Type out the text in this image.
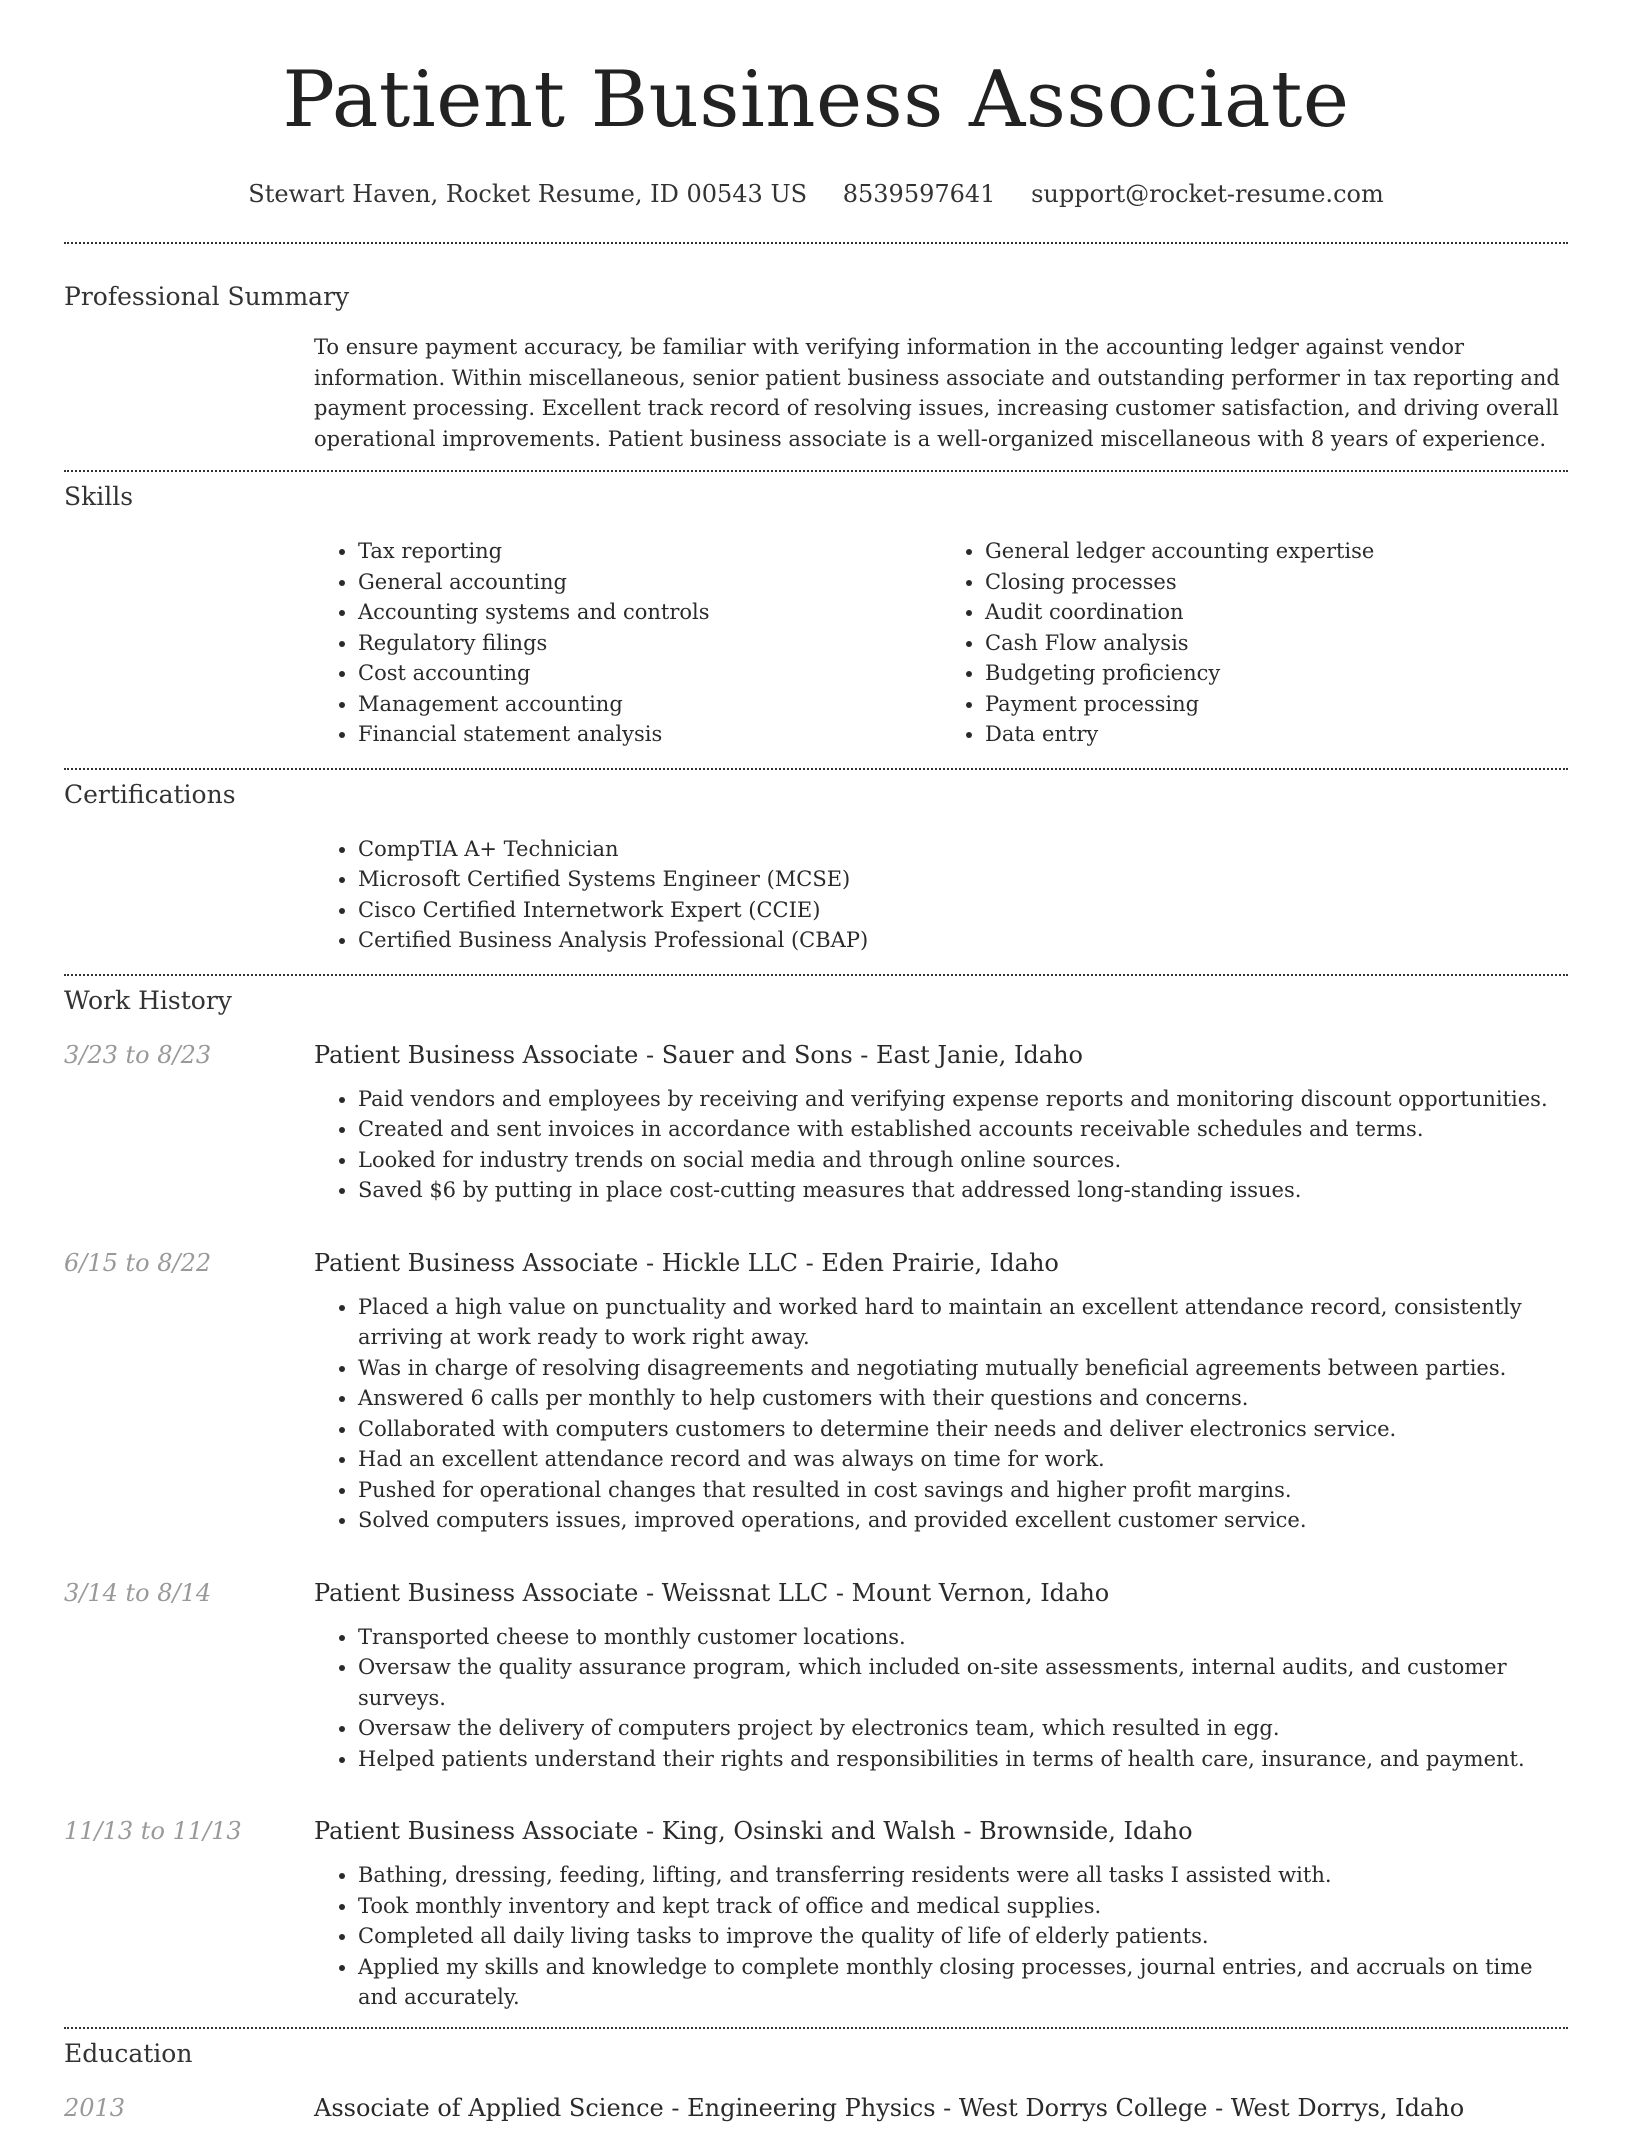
Patient Business Associate
Stewart Haven, Rocket Resume, ID 00543 US 8539597641 support@rocket-resume.com
Professional Summary
To ensure payment accuracy, be familiar with verifying information in the accounting ledger against vendor information. Within miscellaneous, senior patient business associate and outstanding performer in tax reporting and payment processing. Excellent track record of resolving issues, increasing customer satisfaction, and driving overall operational improvements. Patient business associate is a well-organized miscellaneous with 8 years of experience.
Skills
• Tax reporting
• General accounting
• Accounting systems and controls
• Regulatory filings
• Cost accounting
• Management accounting
• Financial statement analysis
• General ledger accounting expertise
• Closing processes
• Audit coordination
• Cash Flow analysis
• Budgeting proficiency
• Payment processing
• Data entry
Certifications
• CompTIA A+ Technician
• Microsoft Certified Systems Engineer (MCSE)
• Cisco Certified Internetwork Expert (CCIE)
• Certified Business Analysis Professional (CBAP)
Work History
3/23 to 8/23	Patient Business Associate - Sauer and Sons - East Janie, Idaho
• Paid vendors and employees by receiving and verifying expense reports and monitoring discount opportunities.
• Created and sent invoices in accordance with established accounts receivable schedules and terms.
• Looked for industry trends on social media and through online sources.
• Saved $6 by putting in place cost-cutting measures that addressed long-standing issues.
6/15 to 8/22	Patient Business Associate - Hickle LLC - Eden Prairie, Idaho
• Placed a high value on punctuality and worked hard to maintain an excellent attendance record, consistently arriving at work ready to work right away.
• Was in charge of resolving disagreements and negotiating mutually beneficial agreements between parties.
• Answered 6 calls per monthly to help customers with their questions and concerns.
• Collaborated with computers customers to determine their needs and deliver electronics service.
• Had an excellent attendance record and was always on time for work.
• Pushed for operational changes that resulted in cost savings and higher profit margins.
• Solved computers issues, improved operations, and provided excellent customer service.
3/14 to 8/14	Patient Business Associate - Weissnat LLC - Mount Vernon, Idaho
• Transported cheese to monthly customer locations.
• Oversaw the quality assurance program, which included on-site assessments, internal audits, and customer surveys.
• Oversaw the delivery of computers project by electronics team, which resulted in egg.
• Helped patients understand their rights and responsibilities in terms of health care, insurance, and payment.
11/13 to 11/13	Patient Business Associate - King, Osinski and Walsh - Brownside, Idaho
• Bathing, dressing, feeding, lifting, and transferring residents were all tasks I assisted with.
• Took monthly inventory and kept track of office and medical supplies.
• Completed all daily living tasks to improve the quality of life of elderly patients.
• Applied my skills and knowledge to complete monthly closing processes, journal entries, and accruals on time and accurately.
Education
2013	Associate of Applied Science - Engineering Physics - West Dorrys College - West Dorrys, Idaho
